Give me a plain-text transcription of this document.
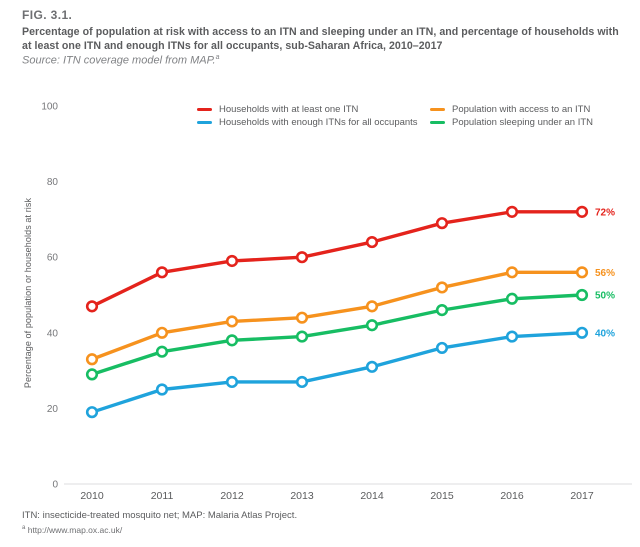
FIG. 3.1.
Percentage of population at risk with access to an ITN and sleeping under an ITN, and percentage of households with at least one ITN and enough ITNs for all occupants, sub-Saharan Africa, 2010–2017
Source: ITN coverage model from MAP.$^a$
Households with at least one ITN
Households with enough ITNs for all occupants
Population with access to an ITN
Population sleeping under an ITN
0
20
40
60
80
100
Percentage of population or households at risk
2010	2011	2012	2013	2014	2015	2016	2017
72%
40%
56%
50%
ITN: insecticide-treated mosquito net; MAP: Malaria Atlas Project.
$^a$ http://www.map.ox.ac.uk/
